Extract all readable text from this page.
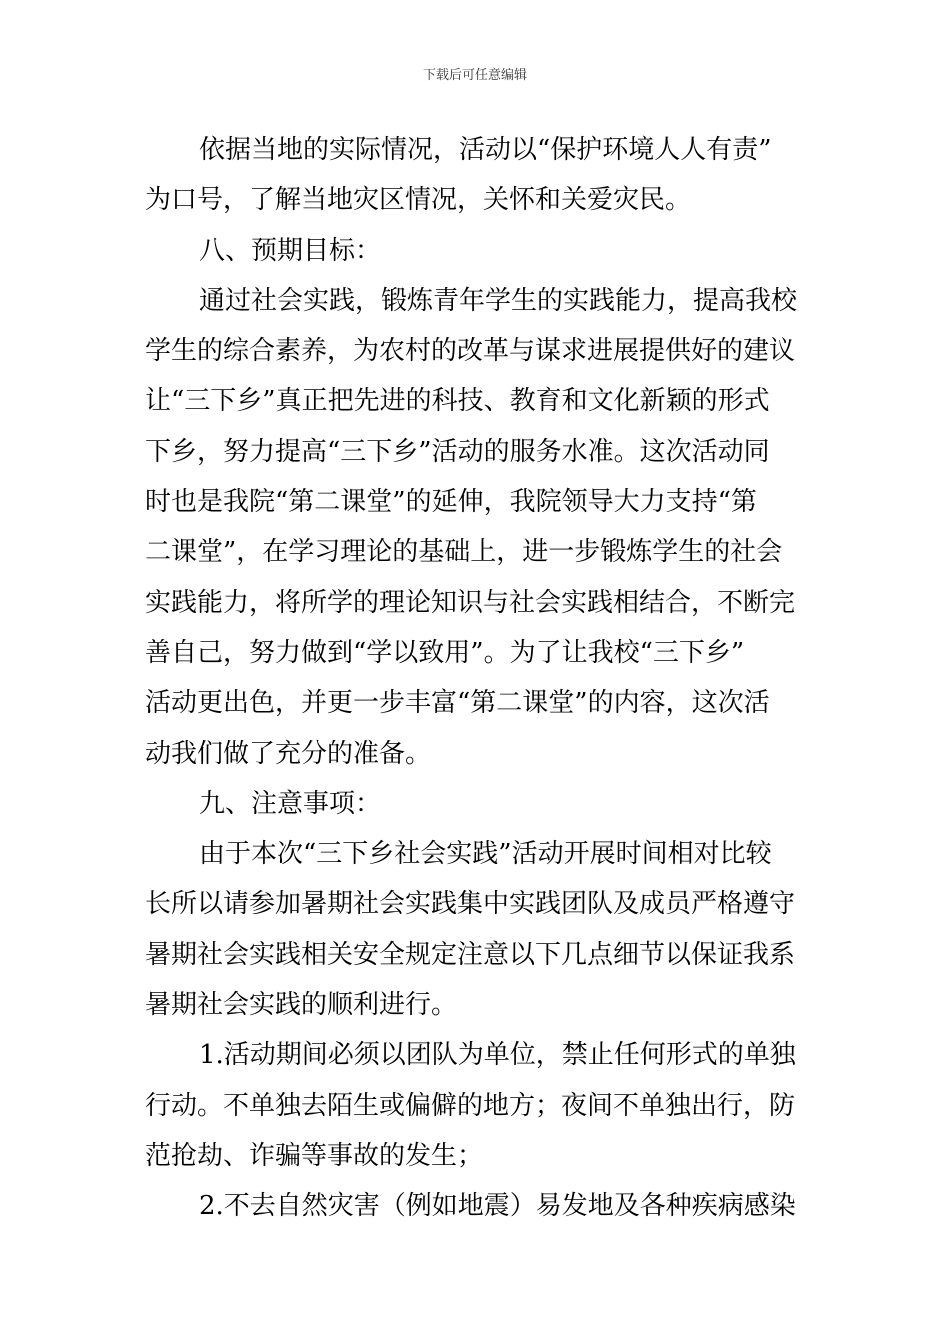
下载后可任意编辑
依据当地的实际情况，活动以“保护环境人人有责”
为口号，了解当地灾区情况，关怀和关爱灾民。
八、预期目标：
通过社会实践，锻炼青年学生的实践能力，提高我校
学生的综合素养，为农村的改革与谋求进展提供好的建议
让“三下乡”真正把先进的科技、教育和文化新颖的形式
下乡，努力提高“三下乡”活动的服务水准。这次活动同
时也是我院“第二课堂”的延伸，我院领导大力支持“第
二课堂”，在学习理论的基础上，进一步锻炼学生的社会
实践能力，将所学的理论知识与社会实践相结合，不断完
善自己，努力做到“学以致用”。为了让我校“三下乡”
活动更出色，并更一步丰富“第二课堂”的内容，这次活
动我们做了充分的准备。
九、注意事项：
由于本次“三下乡社会实践”活动开展时间相对比较
长所以请参加暑期社会实践集中实践团队及成员严格遵守
暑期社会实践相关安全规定注意以下几点细节以保证我系
暑期社会实践的顺利进行。
1.活动期间必须以团队为单位，禁止任何形式的单独
行动。不单独去陌生或偏僻的地方；夜间不单独出行，防
范抢劫、诈骗等事故的发生；
2.不去自然灾害（例如地震）易发地及各种疾病感染
